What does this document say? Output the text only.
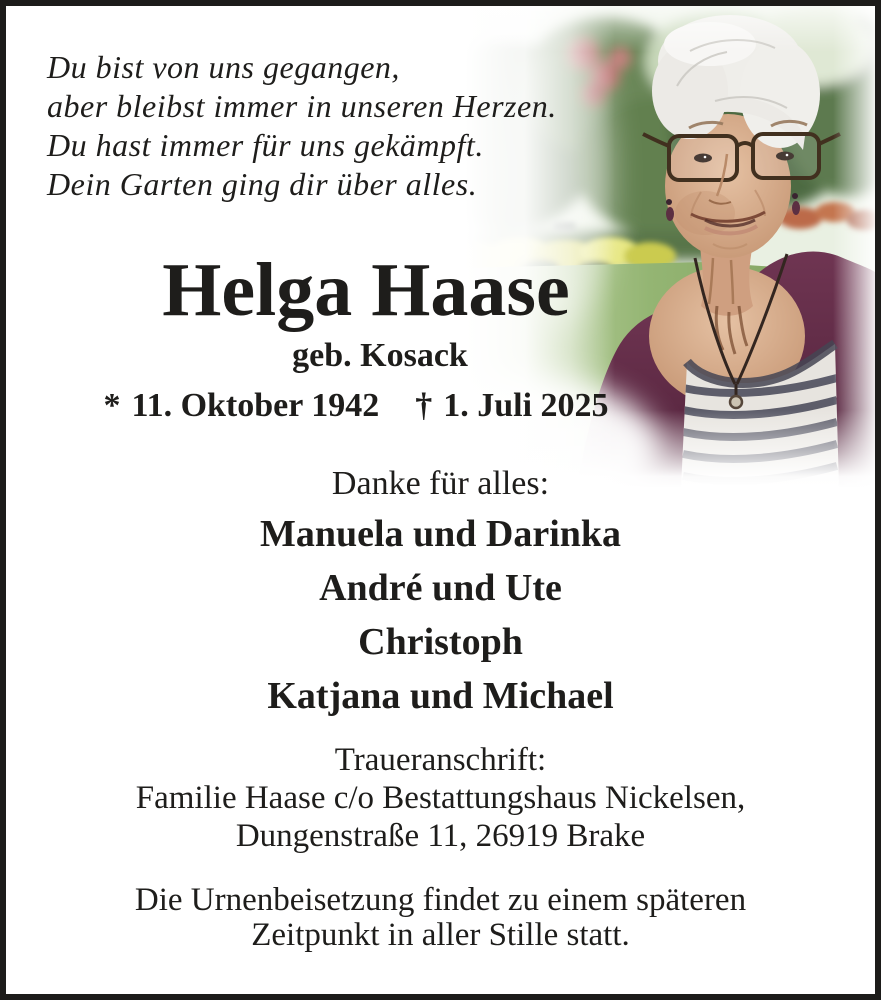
Du bist von uns gegangen,
aber bleibst immer in unseren Herzen.
Du hast immer für uns gekämpft.
Dein Garten ging dir über alles.
Helga Haase
geb. Kosack
* 11. Oktober 1942 † 1. Juli 2025
Danke für alles:
Manuela und Darinka
André und Ute
Christoph
Katjana und Michael
Traueranschrift:
Familie Haase c/o Bestattungshaus Nickelsen,
Dungenstraße 11, 26919 Brake
Die Urnenbeisetzung findet zu einem späteren
Zeitpunkt in aller Stille statt.
